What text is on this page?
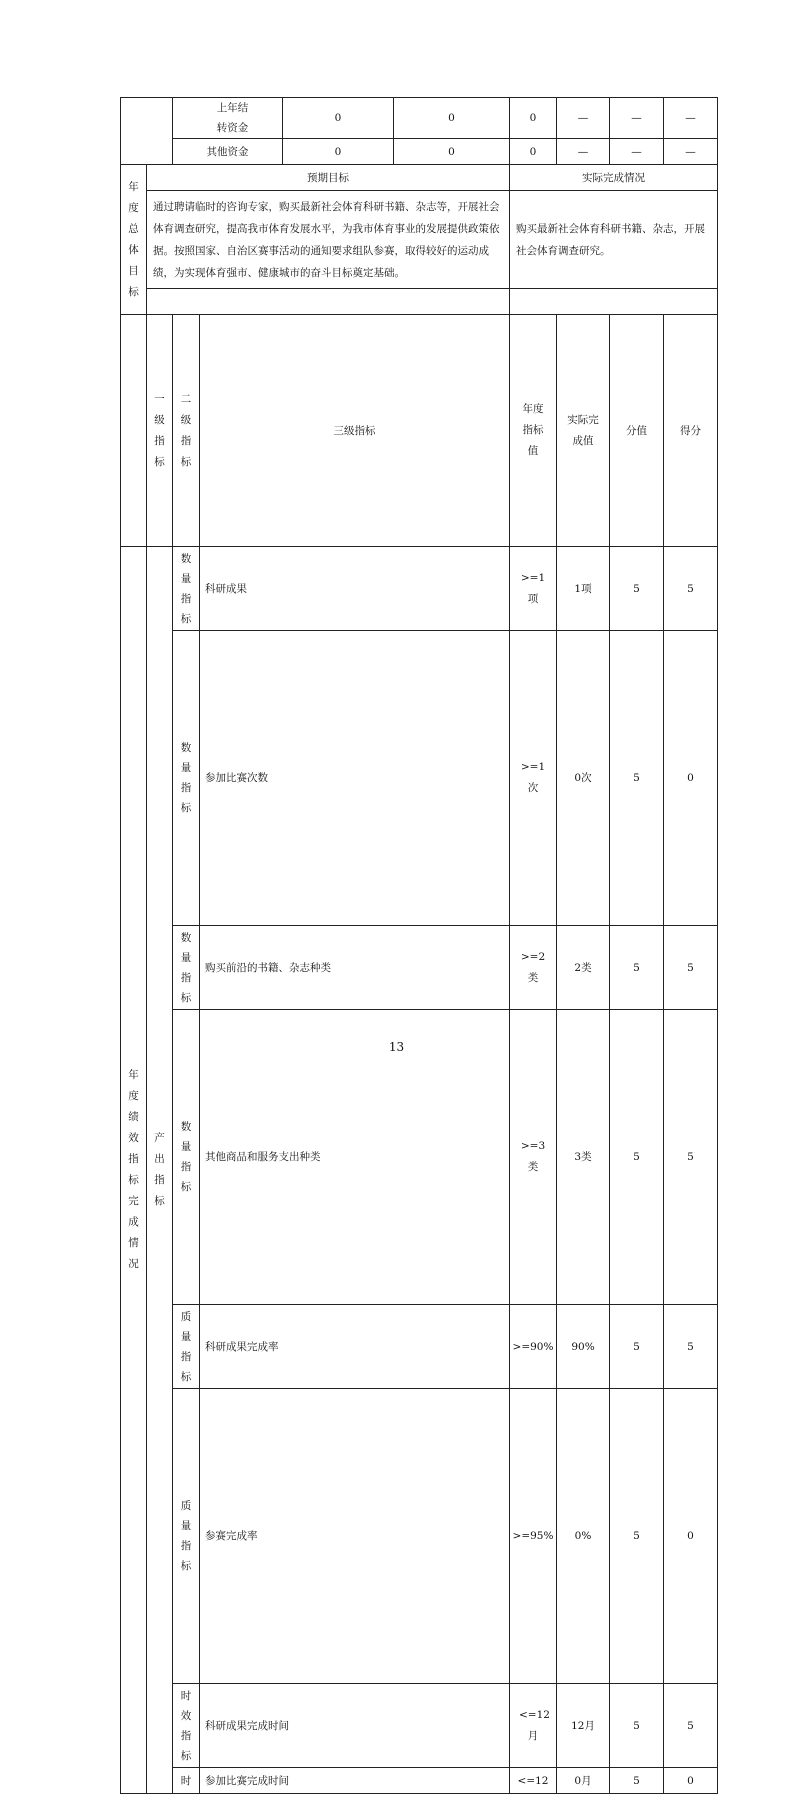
		上年结转资金		0	0	0	—	—	—	
		其他资金		0	0	0	—	—	—	
年度总体目标	预期目标					实际完成情况				
	通过聘请临时的咨询专家，购买最新社会体育科研书籍、杂志等，开展社会体育调查研究，提高我市体育发展水平，为我市体育事业的发展提供政策依据。按照国家、自治区赛事活动的通知要求组队参赛，取得较好的运动成绩，为实现体育强市、健康城市的奋斗目标奠定基础。					购买最新社会体育科研书籍、杂志，开展社会体育调查研究。				

	一级指标	二级指标	三级指标			年度指标值	实际完成值	分值	得分	
年度绩效指标完成情况	产出指标	数量指标	科研成果			>=1项	1项	5	5	
		数量指标	参加比赛次数			>=1次	0次	5	0	
		数量指标	购买前沿的书籍、杂志种类			>=2类	2类	5	5	
		数量指标	其他商品和服务支出种类			>=3类	3类	5	5	
		质量指标	科研成果完成率			>=90%	90%	5	5	
		质量指标	参赛完成率			>=95%	0%	5	0	
		时效指标	科研成果完成时间			<=12月	12月	5	5	
		时	参加比赛完成时间			<=12	0月	5	0	
13
